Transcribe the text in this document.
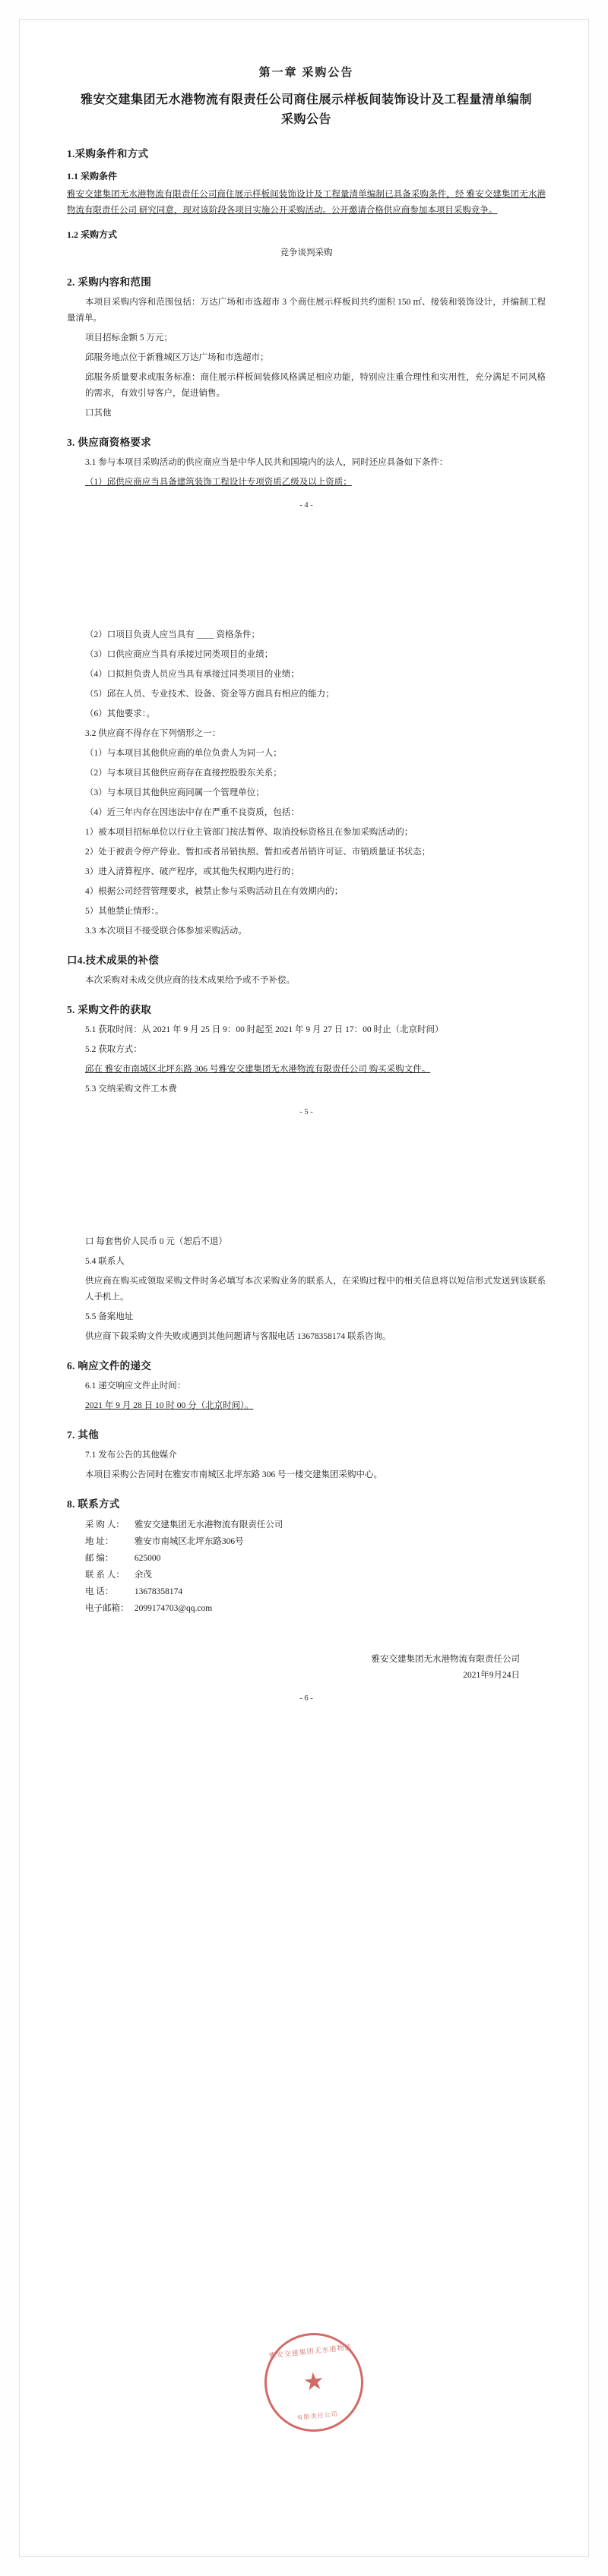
第一章 采购公告
雅安交建集团无水港物流有限责任公司商住展示样板间装饰设计及工程量清单编制采购公告
1.采购条件和方式
1.1 采购条件

雅安交建集团无水港物流有限责任公司商住展示样板间装饰设计及工程量清单编制已具备采购条件，经 雅安交建集团无水港物流有限责任公司 研究同意，现对该阶段各项目实施公开采购活动。公开邀请合格供应商参加本项目采购竞争。

1.2 采购方式

竞争谈判采购

2. 采购内容和范围

本项目采购内容和范围包括：万达广场和市选超市 3 个商住展示样板间共约面积 150 ㎡、接装和装饰设计，并编制工程量清单。

项目招标金额 5 万元；

邱服务地点位于新雅城区万达广场和市选超市；

邱服务质量要求或服务标准：商住展示样板间装修风格满足相应功能，特别应注重合理性和实用性，充分满足不同风格的需求，有效引导客户，促进销售。

口其他

3. 供应商资格要求

3.1 参与本项目采购活动的供应商应当是中华人民共和国境内的法人，同时还应具备如下条件：

（1）邱供应商应当具备建筑装饰工程设计专项资质乙级及以上资质；

- 4 -

（2）口项目负责人应当具有 ____ 资格条件；

（3）口供应商应当具有承接过同类项目的业绩；

（4）口拟担负责人员应当具有承接过同类项目的业绩；

（5）邱在人员、专业技术、设备、资金等方面具有相应的能力；

（6）其他要求：。

3.2 供应商不得存在下列情形之一：

（1）与本项目其他供应商的单位负责人为同一人；

（2）与本项目其他供应商存在直接控股股东关系；

（3）与本项目其他供应商同属一个管理单位；

（4）近三年内存在因违法中存在严重不良资质，包括：

1）被本项目招标单位以行业主管部门按法暂停、取消投标资格且在参加采购活动的；

2）处于被责令停产停业、暂扣或者吊销执照、暂扣或者吊销许可证、市销质量证书状态；

3）进入清算程序、破产程序，或其他失权期内进行的；

4）根据公司经营管理要求，被禁止参与采购活动且在有效期内的；

5）其他禁止情形：。

3.3 本次项目不接受联合体参加采购活动。

口4.技术成果的补偿

本次采购对未成交供应商的技术成果给予或不予补偿。

5. 采购文件的获取

5.1 获取时间：从 2021 年 9 月 25 日 9：00 时起至 2021 年 9 月 27 日 17：00 时止（北京时间）

5.2 获取方式：

邱在 雅安市南城区北坪东路 306 号雅安交建集团无水港物流有限责任公司 购买采购文件。

5.3 交纳采购文件工本费

- 5 -

口 每套售价人民币 0 元（恕后不退）

5.4 联系人

供应商在购买或领取采购文件时务必填写本次采购业务的联系人，在采购过程中的相关信息将以短信形式发送到该联系人手机上。

5.5 备案地址

供应商下载采购文件失败或遇到其他问题请与客服电话 13678358174 联系咨询。

6. 响应文件的递交

6.1 递交响应文件止时间：

2021 年 9 月 28 日 10 时 00 分（北京时间）。

7. 其他

7.1 发布公告的其他媒介

本项目采购公告同时在雅安市南城区北坪东路 306 号一楼交建集团采购中心。

8. 联系方式
采 购 人： 雅安交建集团无水港物流有限责任公司
地 址： 雅安市南城区北坪东路306号
邮 编： 625000
联 系 人： 余茂
电 话： 13678358174
电子邮箱： 2099174703@qq.com
雅安交建集团无水港物流有限责任公司
2021年9月24日
- 6 -
雅安交建集团无水港物流
★
有限责任公司
